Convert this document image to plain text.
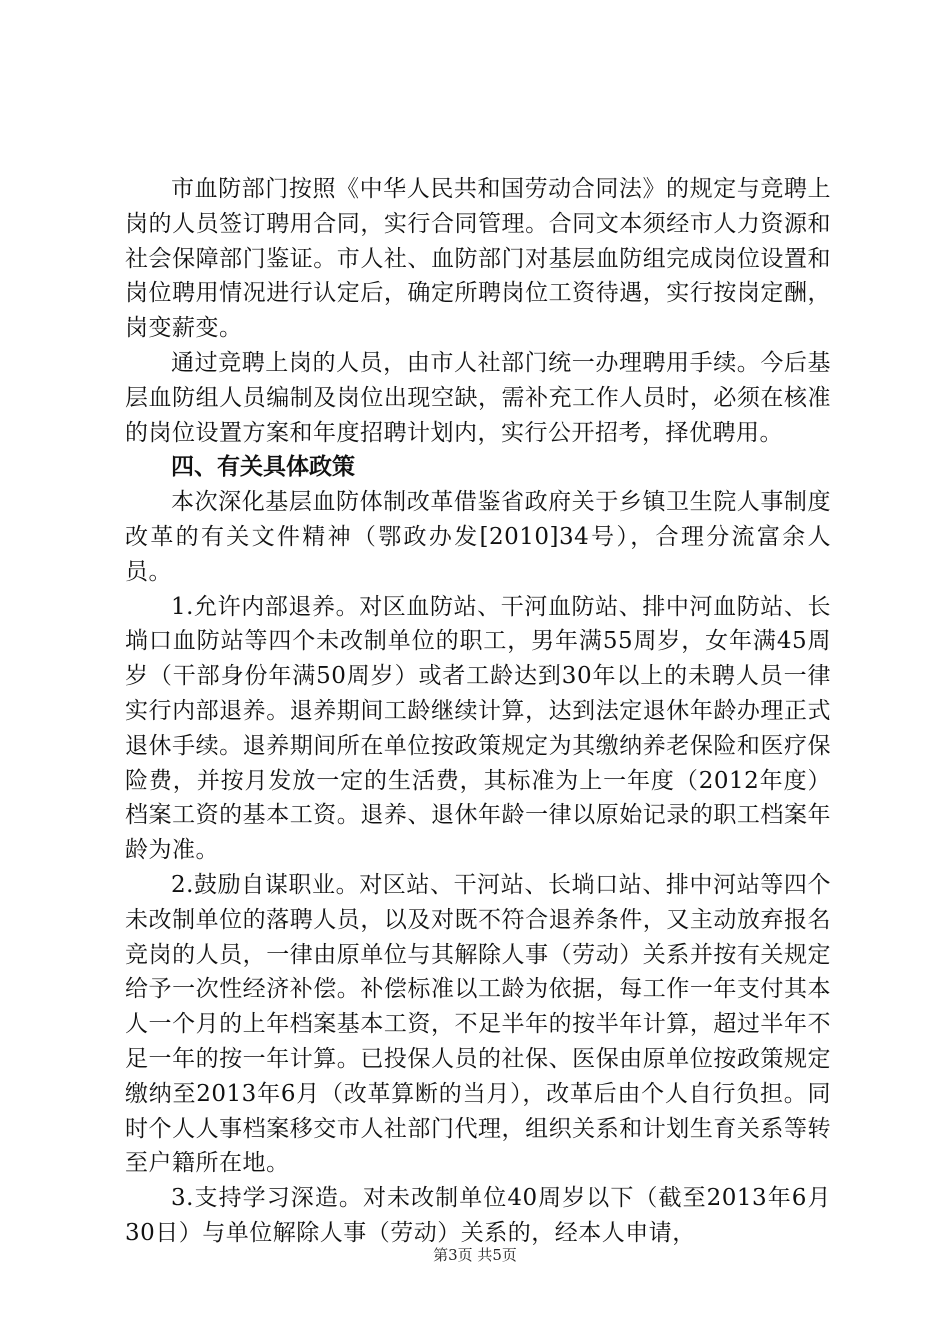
市血防部门按照《中华人民共和国劳动合同法》的规定与竞聘上岗的人员签订聘用合同，实行合同管理。合同文本须经市人力资源和社会保障部门鉴证。市人社、血防部门对基层血防组完成岗位设置和岗位聘用情况进行认定后，确定所聘岗位工资待遇，实行按岗定酬，岗变薪变。

通过竞聘上岗的人员，由市人社部门统一办理聘用手续。今后基层血防组人员编制及岗位出现空缺，需补充工作人员时，必须在核准的岗位设置方案和年度招聘计划内，实行公开招考，择优聘用。

四、有关具体政策

本次深化基层血防体制改革借鉴省政府关于乡镇卫生院人事制度改革的有关文件精神（鄂政办发[2010]34号），合理分流富余人员。

1.允许内部退养。对区血防站、干河血防站、排中河血防站、长埫口血防站等四个未改制单位的职工，男年满55周岁，女年满45周岁（干部身份年满50周岁）或者工龄达到30年以上的未聘人员一律实行内部退养。退养期间工龄继续计算，达到法定退休年龄办理正式退休手续。退养期间所在单位按政策规定为其缴纳养老保险和医疗保险费，并按月发放一定的生活费，其标准为上一年度（2012年度）档案工资的基本工资。退养、退休年龄一律以原始记录的职工档案年龄为准。

2.鼓励自谋职业。对区站、干河站、长埫口站、排中河站等四个未改制单位的落聘人员，以及对既不符合退养条件，又主动放弃报名竞岗的人员，一律由原单位与其解除人事（劳动）关系并按有关规定给予一次性经济补偿。补偿标准以工龄为依据，每工作一年支付其本人一个月的上年档案基本工资，不足半年的按半年计算，超过半年不足一年的按一年计算。已投保人员的社保、医保由原单位按政策规定缴纳至2013年6月（改革算断的当月），改革后由个人自行负担。同时个人人事档案移交市人社部门代理，组织关系和计划生育关系等转至户籍所在地。

3.支持学习深造。对未改制单位40周岁以下（截至2013年6月30日）与单位解除人事（劳动）关系的，经本人申请，

第3页 共5页
